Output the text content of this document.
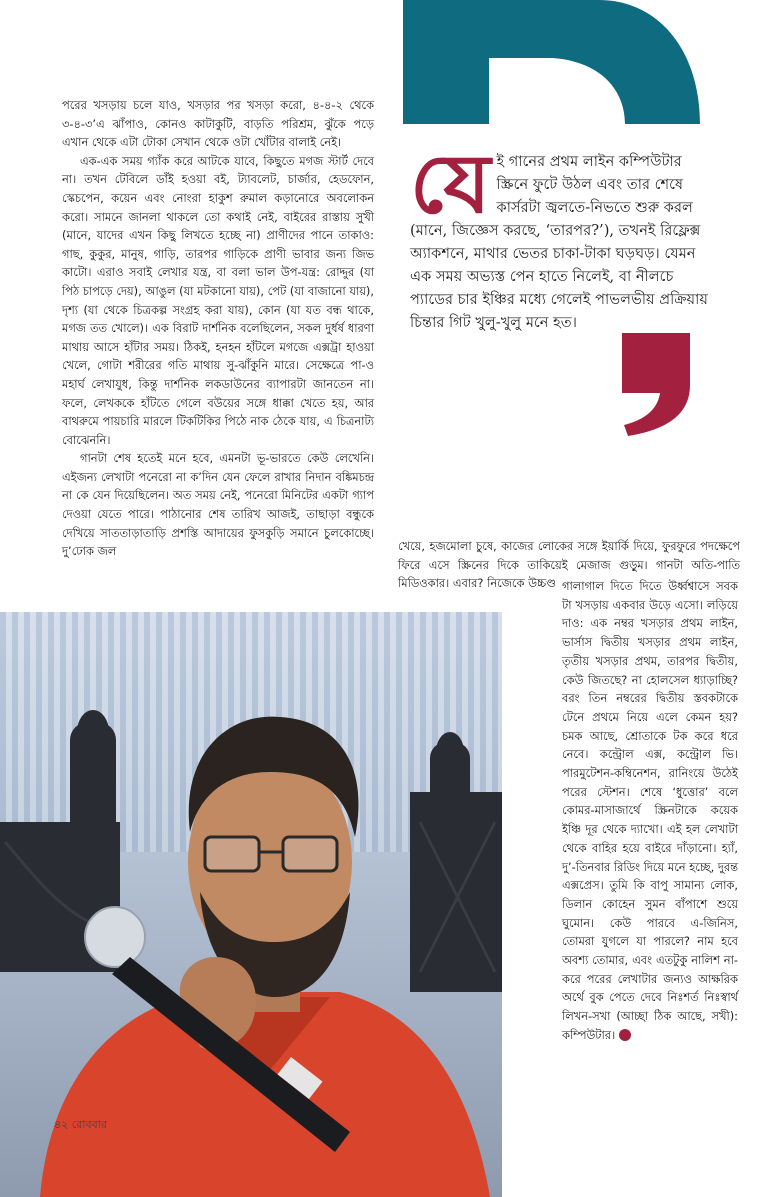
পরের খসড়ায় চলে যাও, খসড়ার পর খসড়া করো, ৪-৪-২ থেকে ৩-৪-৩’এ ঝাঁপাও, কোনও কাটাকুটি, বাড়তি পরিশ্রম, ঝুঁকে পড়ে এখান থেকে এটা টোকা সেখান থেকে ওটা খোঁটার বালাই নেই।

এক-এক সময় গ্যাঁক করে আটকে যাবে, কিছুতে মগজ স্টার্ট দেবে না। তখন টেবিলে ডাঁই হওয়া বই, ট্যাবলেট, চার্জার, হেডফোন, স্কেচপেন, কয়েন এবং নোংরা হাকুশ রুমাল কড়ানোরে অবলোকন করো। সামনে জানলা থাকলে তো কথাই নেই, বাইরের রাস্তায় সুখী (মানে, যাদের এখন কিছু লিখতে হচ্ছে না) প্রাণীদের পানে তাকাও: গাছ, কুকুর, মানুষ, গাড়ি, তারপর গাড়িকে প্রাণী ভাবার জন্য জিভ কাটো। এরাও সবাই লেখার যন্ত্র, বা বলা ভাল উপ-যন্ত্র: রোদ্দুর (যা পিঠ চাপড়ে দেয়), আঙুল (যা মটকানো যায়), পেট (যা বাজানো যায়), দৃশ্য (যা থেকে চিত্রকল্প সংগ্রহ করা যায়), কোন (যা যত বন্ধ থাকে, মগজ তত খোলে)। এক বিরাট দার্শনিক বলেছিলেন, সকল দুর্ধর্ষ ধারণা মাথায় আসে হাঁটার সময়। ঠিকই, হনহন হাঁটলে মগজে এক্সট্রা হাওয়া খেলে, গোটা শরীরের গতি মাথায় সু-ঝাঁকুনি মারে। সেক্ষেত্রে পা-ও মহার্ঘ লেখাযুধ, কিন্তু দার্শনিক লকডাউনের ব্যাপারটা জানতেন না। ফলে, লেখককে হাঁটতে গেলে বউয়ের সঙ্গে ধাক্কা খেতে হয়, আর বাথরুমে পায়চারি মারলে টিকটিকির পিঠে নাক ঠেকে যায়, এ চিত্রনাট্য বোঝেননি।

গানটা শেষ হতেই মনে হবে, এমনটা ভূ-ভারতে কেউ লেখেনি। এইজন্য লেখাটা পনেরো না ক’দিন যেন ফেলে রাখার নিদান বঙ্কিমচন্দ্র না কে যেন দিয়েছিলেন। অত সময় নেই, পনেরো মিনিটের একটা গ্যাপ দেওয়া যেতে পারে। পাঠানোর শেষ তারিখ আজই, তাছাড়া বন্ধুকে দেখিয়ে সাততাড়াতাড়ি প্রশস্তি আদায়ের ফুসকুড়ি সমানে চুলকোচ্ছে। দু’ঢোক জল

যে ই গানের প্রথম লাইন কম্পিউটার স্ক্রিনে ফুটে উঠল এবং তার শেষে কার্সরটা জ্বলতে-নিভতে শুরু করল (মানে, জিজ্ঞেস করছে, ‘তারপর?’), তখনই রিফ্লেক্স অ্যাকশনে, মাথার ভেতর চাকা-টাকা ঘড়ঘড়। যেমন এক সময় অভ্যস্ত পেন হাতে নিলেই, বা নীলচে প্যাডের চার ইঞ্চির মধ্যে গেলেই পাভলভীয় প্রক্রিয়ায় চিন্তার গিট খুলু-খুলু মনে হত।

খেয়ে, হজমোলা চুষে, কাজের লোকের সঙ্গে ইয়ার্কি দিয়ে, ফুরফুরে পদক্ষেপে ফিরে এসে স্ক্রিনের দিকে তাকিয়েই মেজাজ গুড়ুম। গানটা অতি-পাতি মিডিওকার। এবার? নিজেকে উচ্চণ্ড গালাগাল দিতে দিতে উর্ধ্বশ্বাসে সবক টা খসড়ায় একবার উড়ে এসো। লড়িয়ে দাও: এক নম্বর খসড়ার প্রথম লাইন, ভার্সাস দ্বিতীয় খসড়ার প্রথম লাইন, তৃতীয় খসড়ার প্রথম, তারপর দ্বিতীয়, কেউ জিতছে? না হোলসেল ধ্যাড়াচ্ছি? বরং তিন নম্বরের দ্বিতীয় স্তবকটাকে টেনে প্রথমে নিয়ে এলে কেমন হয়? চমক আছে, শ্রোতাকে টক করে ধরে নেবে। কন্ট্রোল এক্স, কন্ট্রোল ভি। পারমুটেশন-কম্বিনেশন, রানিংয়ে উঠেই পরের স্টেশন। শেষে ‘ধুত্তোর’ বলে কোমর-মাসাজার্থে স্ক্রিনটাকে কয়েক ইঞ্চি দূর থেকে দ্যাখো। এই হল লেখাটা থেকে বাহির হয়ে বাইরে দাঁড়ানো। হ্যাঁ, দু’-তিনবার রিডিং দিয়ে মনে হচ্ছে, দুরন্ত এক্সপ্রেস। তুমি কি বাপু সামান্য লোক, ডিলান কোহেন সুমন বাঁপাশে শুয়ে ঘুমোন। কেউ পারবে এ-জিনিস, তোমরা যুগলে যা পারলে? নাম হবে অবশ্য তোমার, এবং এতটুকু নালিশ না-করে পরের লেখাটার জন্যও আক্ষরিক অর্থে বুক পেতে দেবে নিঃশর্ত নিঃস্বার্থ লিখন-সখা (আচ্ছা ঠিক আছে, সখী): কম্পিউটার।
৪২ রোববার
